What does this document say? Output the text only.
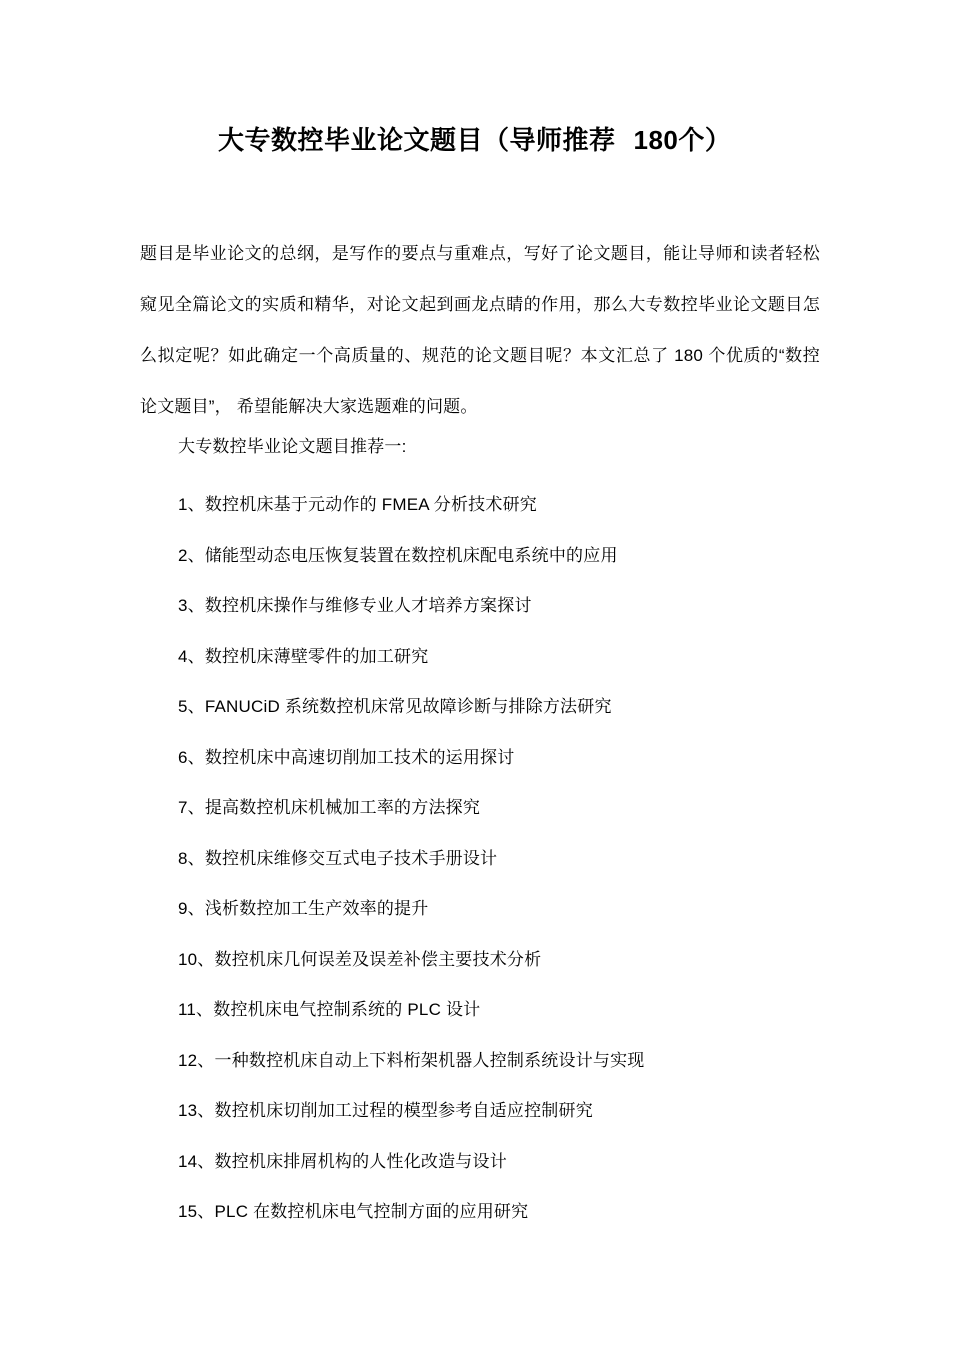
大专数控毕业论文题目（导师推荐 180个）

题目是毕业论文的总纲，是写作的要点与重难点，写好了论文题目，能让导师和读者轻松窥见全篇论文的实质和精华，对论文起到画龙点睛的作用，那么大专数控毕业论文题目怎么拟定呢？如此确定一个高质量的、规范的论文题目呢？本文汇总了 180 个优质的“数控论文题目”， 希望能解决大家选题难的问题。

大专数控毕业论文题目推荐一:
1、数控机床基于元动作的 FMEA 分析技术研究
2、储能型动态电压恢复装置在数控机床配电系统中的应用
3、数控机床操作与维修专业人才培养方案探讨
4、数控机床薄壁零件的加工研究
5、FANUCiD 系统数控机床常见故障诊断与排除方法研究
6、数控机床中高速切削加工技术的运用探讨
7、提高数控机床机械加工率的方法探究
8、数控机床维修交互式电子技术手册设计
9、浅析数控加工生产效率的提升
10、数控机床几何误差及误差补偿主要技术分析
11、数控机床电气控制系统的 PLC 设计
12、一种数控机床自动上下料桁架机器人控制系统设计与实现
13、数控机床切削加工过程的模型参考自适应控制研究
14、数控机床排屑机构的人性化改造与设计
15、PLC 在数控机床电气控制方面的应用研究
